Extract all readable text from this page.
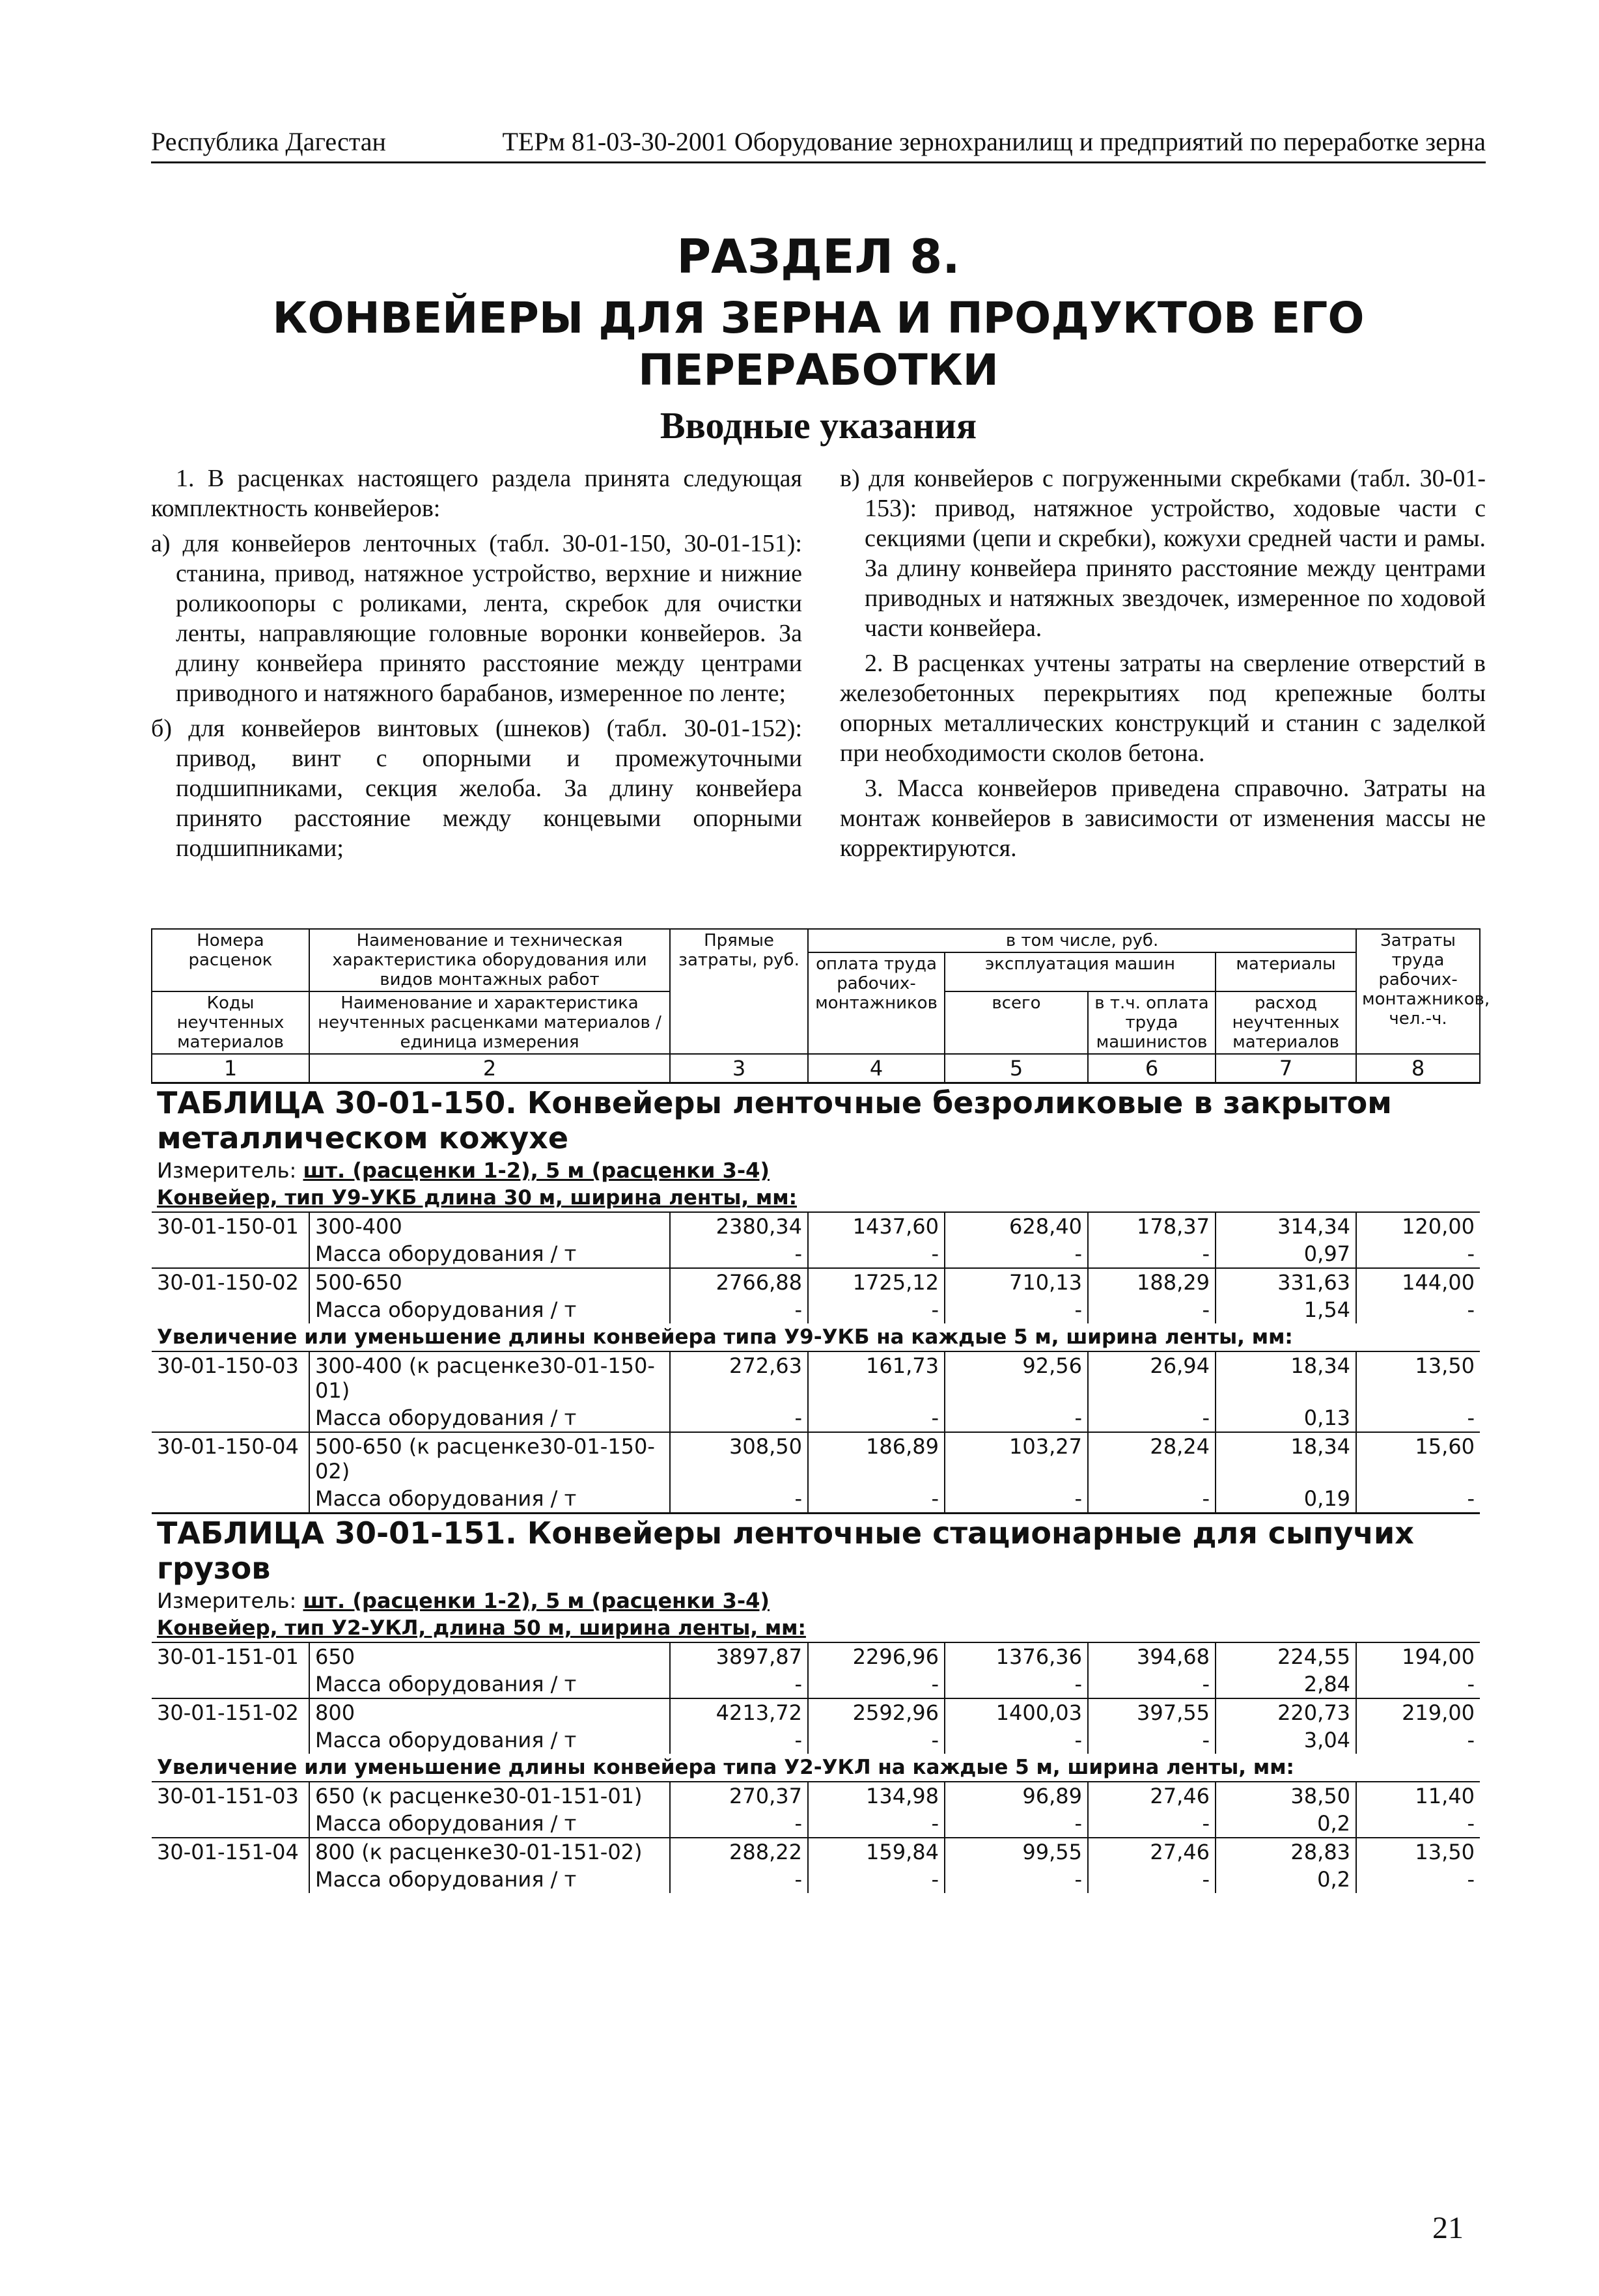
Республика Дагестан	ТЕРм 81-03-30-2001 Оборудование зернохранилищ и предприятий по переработке зерна
РАЗДЕЛ 8.
КОНВЕЙЕРЫ ДЛЯ ЗЕРНА И ПРОДУКТОВ ЕГО
ПЕРЕРАБОТКИ
Вводные указания

1. В расценках настоящего раздела принята следующая комплектность конвейеров:

а) для конвейеров ленточных (табл. 30-01-150, 30-01-151): станина, привод, натяжное устройство, верхние и нижние роликоопоры с роликами, лента, скребок для очистки ленты, направляющие головные воронки конвейеров. За длину конвейера принято расстояние между центрами приводного и натяжного барабанов, измеренное по ленте;

б) для конвейеров винтовых (шнеков) (табл. 30-01-152): привод, винт с опорными и промежуточными подшипниками, секция желоба. За длину конвейера принято расстояние между концевыми опорными подшипниками;

в) для конвейеров с погруженными скребками (табл. 30-01-153): привод, натяжное устройство, ходовые части с секциями (цепи и скребки), кожухи средней части и рамы. За длину конвейера принято расстояние между центрами приводных и натяжных звездочек, измеренное по ходовой части конвейера.

2. В расценках учтены затраты на сверление отверстий в железобетонных перекрытиях под крепежные болты опорных металлических конструкций и станин с заделкой при необходимости сколов бетона.

3. Масса конвейеров приведена справочно. Затраты на монтаж конвейеров в зависимости от изменения массы не корректируются.

Номера расценок	Наименование и техническая характеристика оборудования или видов монтажных работ	Прямые затраты, руб.	в том числе, руб.				Затраты труда рабочих-монтажников, чел.-ч.
			оплата труда рабочих-монтажников	эксплуатация машин		материалы	
Коды неучтенных материалов	Наименование и характеристика неучтенных расценками материалов / единица измерения			всего	в т.ч. оплата труда машинистов	расход неучтенных материалов	

1	2	3	4	5	6	7	8
ТАБЛИЦА 30-01-150. Конвейеры ленточные безроликовые в закрытом металлическом кожухе							
Измеритель: шт. (расценки 1-2), 5 м (расценки 3-4)							
Конвейер, тип У9-УКБ длина 30 м, ширина ленты, мм:							
30-01-150-01	300-400	2380,34	1437,60	628,40	178,37	314,34	120,00
	Масса оборудования / т	-	-	-	-	0,97	-
30-01-150-02	500-650	2766,88	1725,12	710,13	188,29	331,63	144,00
	Масса оборудования / т	-	-	-	-	1,54	-
Увеличение или уменьшение длины конвейера типа У9-УКБ на каждые 5 м, ширина ленты, мм:							
30-01-150-03	300-400 (к расценке30-01-150-01)	272,63	161,73	92,56	26,94	18,34	13,50
	Масса оборудования / т	-	-	-	-	0,13	-
30-01-150-04	500-650 (к расценке30-01-150-02)	308,50	186,89	103,27	28,24	18,34	15,60
	Масса оборудования / т	-	-	-	-	0,19	-
ТАБЛИЦА 30-01-151. Конвейеры ленточные стационарные для сыпучих грузов							
Измеритель: шт. (расценки 1-2), 5 м (расценки 3-4)							
Конвейер, тип У2-УКЛ, длина 50 м, ширина ленты, мм:							
30-01-151-01	650	3897,87	2296,96	1376,36	394,68	224,55	194,00
	Масса оборудования / т	-	-	-	-	2,84	-
30-01-151-02	800	4213,72	2592,96	1400,03	397,55	220,73	219,00
	Масса оборудования / т	-	-	-	-	3,04	-
Увеличение или уменьшение длины конвейера типа У2-УКЛ на каждые 5 м, ширина ленты, мм:							
30-01-151-03	650 (к расценке30-01-151-01)	270,37	134,98	96,89	27,46	38,50	11,40
	Масса оборудования / т	-	-	-	-	0,2	-
30-01-151-04	800 (к расценке30-01-151-02)	288,22	159,84	99,55	27,46	28,83	13,50
	Масса оборудования / т	-	-	-	-	0,2	-
21
